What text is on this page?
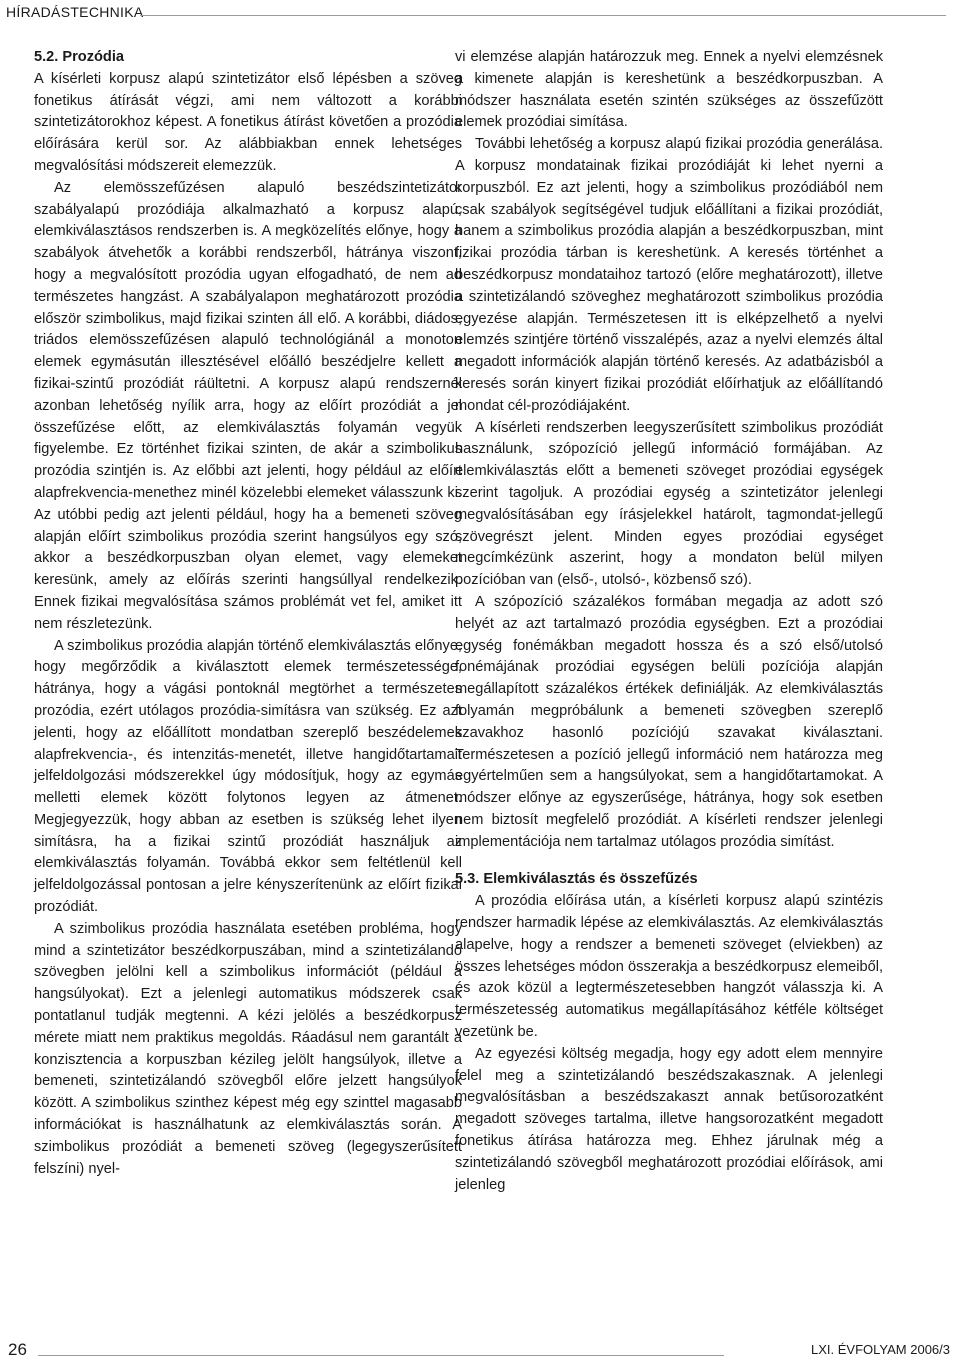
HÍRADÁSTECHNIKA
5.2. Prozódia

A kísérleti korpusz alapú szintetizátor első lépésben a szöveg fonetikus átírását végzi, ami nem változott a korábbi szintetizátorokhoz képest. A fonetikus átírást követően a prozódia előírására kerül sor. Az alábbiakban ennek lehetséges megvalósítási módszereit elemezzük.

Az elemösszefűzésen alapuló beszédszintetizátor szabályalapú prozódiája alkalmazható a korpusz alapú, elemkiválasztásos rendszerben is. A megközelítés előnye, hogy a szabályok átvehetők a korábbi rendszerből, hátránya viszont, hogy a megvalósított prozódia ugyan elfogadható, de nem ad természetes hangzást. A szabályalapon meghatározott prozódia először szimbolikus, majd fizikai szinten áll elő. A korábbi, diádos, triádos elemösszefűzésen alapuló technológiánál a monoton elemek egymásután illesztésével előálló beszédjelre kellett a fizikai-szintű prozódiát ráültetni. A korpusz alapú rendszernél azonban lehetőség nyílik arra, hogy az előírt prozódiát a jel összefűzése előtt, az elemkiválasztás folyamán vegyük figyelembe. Ez történhet fizikai szinten, de akár a szimbolikus prozódia szintjén is. Az előbbi azt jelenti, hogy például az előírt alapfrekvencia-menethez minél közelebbi elemeket válasszunk ki. Az utóbbi pedig azt jelenti például, hogy ha a bemeneti szöveg alapján előírt szimbolikus prozódia szerint hangsúlyos egy szó, akkor a beszédkorpuszban olyan elemet, vagy elemeket keresünk, amely az előírás szerinti hangsúllyal rendelkezik. Ennek fizikai megvalósítása számos problémát vet fel, amiket itt nem részletezünk.

A szimbolikus prozódia alapján történő elemkiválasztás előnye, hogy megőrződik a kiválasztott elemek természetessége, hátránya, hogy a vágási pontoknál megtörhet a természetes prozódia, ezért utólagos prozódia-simításra van szükség. Ez azt jelenti, hogy az előállított mondatban szereplő beszédelemek alapfrekvencia-, és intenzitás-menetét, illetve hangidőtartamait jelfeldolgozási módszerekkel úgy módosítjuk, hogy az egymás melletti elemek között folytonos legyen az átmenet. Megjegyezzük, hogy abban az esetben is szükség lehet ilyen simításra, ha a fizikai szintű prozódiát használjuk az elemkiválasztás folyamán. Továbbá ekkor sem feltétlenül kell jelfeldolgozással pontosan a jelre kényszerítenünk az előírt fizikai prozódiát.

A szimbolikus prozódia használata esetében probléma, hogy mind a szintetizátor beszédkorpuszában, mind a szintetizálandó szövegben jelölni kell a szimbolikus információt (például a hangsúlyokat). Ezt a jelenlegi automatikus módszerek csak pontatlanul tudják megtenni. A kézi jelölés a beszédkorpusz mérete miatt nem praktikus megoldás. Ráadásul nem garantált a konzisztencia a korpuszban kézileg jelölt hangsúlyok, illetve a bemeneti, szintetizálandó szövegből előre jelzett hangsúlyok között. A szimbolikus szinthez képest még egy szinttel magasabb információkat is használhatunk az elemkiválasztás során. A szimbolikus prozódiát a bemeneti szöveg (legegyszerűsített felszíni) nyel-

vi elemzése alapján határozzuk meg. Ennek a nyelvi elemzésnek a kimenete alapján is kereshetünk a beszédkorpuszban. A módszer használata esetén szintén szükséges az összefűzött elemek prozódiai simítása.

További lehetőség a korpusz alapú fizikai prozódia generálása. A korpusz mondatainak fizikai prozódiáját ki lehet nyerni a korpuszból. Ez azt jelenti, hogy a szimbolikus prozódiából nem csak szabályok segítségével tudjuk előállítani a fizikai prozódiát, hanem a szimbolikus prozódia alapján a beszédkorpuszban, mint fizikai prozódia tárban is kereshetünk. A keresés történhet a beszédkorpusz mondataihoz tartozó (előre meghatározott), illetve a szintetizálandó szöveghez meghatározott szimbolikus prozódia egyezése alapján. Természetesen itt is elképzelhető a nyelvi elemzés szintjére történő visszalépés, azaz a nyelvi elemzés által megadott információk alapján történő keresés. Az adatbázisból a keresés során kinyert fizikai prozódiát előírhatjuk az előállítandó mondat cél-prozódiájaként.

A kísérleti rendszerben leegyszerűsített szimbolikus prozódiát használunk, szópozíció jellegű információ formájában. Az elemkiválasztás előtt a bemeneti szöveget prozódiai egységek szerint tagoljuk. A prozódiai egység a szintetizátor jelenlegi megvalósításában egy írásjelekkel határolt, tagmondat-jellegű szövegrészt jelent. Minden egyes prozódiai egységet megcímkézünk aszerint, hogy a mondaton belül milyen pozícióban van (első-, utolsó-, közbenső szó).

A szópozíció százalékos formában megadja az adott szó helyét az azt tartalmazó prozódia egységben. Ezt a prozódiai egység fonémákban megadott hossza és a szó első/utolsó fonémájának prozódiai egységen belüli pozíciója alapján megállapított százalékos értékek definiálják. Az elemkiválasztás folyamán megpróbálunk a bemeneti szövegben szereplő szavakhoz hasonló pozíciójú szavakat kiválasztani. Természetesen a pozíció jellegű információ nem határozza meg egyértelműen sem a hangsúlyokat, sem a hangidőtartamokat. A módszer előnye az egyszerűsége, hátránya, hogy sok esetben nem biztosít megfelelő prozódiát. A kísérleti rendszer jelenlegi implementációja nem tartalmaz utólagos prozódia simítást.

5.3. Elemkiválasztás és összefűzés

A prozódia előírása után, a kísérleti korpusz alapú szintézis rendszer harmadik lépése az elemkiválasztás. Az elemkiválasztás alapelve, hogy a rendszer a bemeneti szöveget (elviekben) az összes lehetséges módon összerakja a beszédkorpusz elemeiből, és azok közül a legtermészetesebben hangzót válasszja ki. A természetesség automatikus megállapításához kétféle költséget vezetünk be.

Az egyezési költség megadja, hogy egy adott elem mennyire felel meg a szintetizálandó beszédszakasznak. A jelenlegi megvalósításban a beszédszakaszt annak betűsorozatként megadott szöveges tartalma, illetve hangsorozatként megadott fonetikus átírása határozza meg. Ehhez járulnak még a szintetizálandó szövegből meghatározott prozódiai előírások, ami jelenleg

26	LXI. ÉVFOLYAM 2006/3
